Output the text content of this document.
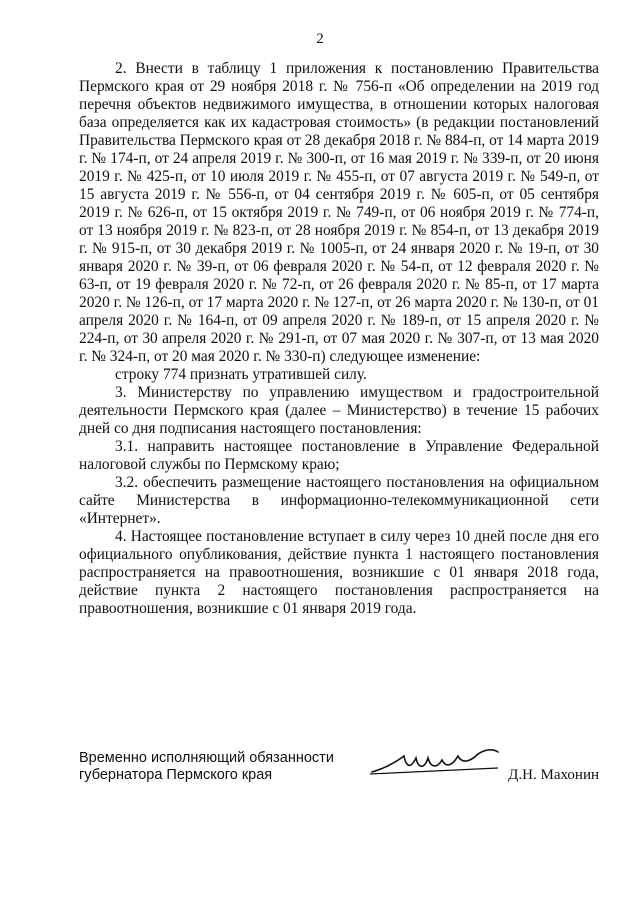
2

2. Внести в таблицу 1 приложения к постановлению Правительства Пермского края от 29 ноября 2018 г. № 756-п «Об определении на 2019 год перечня объектов недвижимого имущества, в отношении которых налоговая база определяется как их кадастровая стоимость» (в редакции постановлений Правительства Пермского края от 28 декабря 2018 г. № 884-п, от 14 марта 2019 г. № 174-п, от 24 апреля 2019 г. № 300-п, от 16 мая 2019 г. № 339-п, от 20 июня 2019 г. № 425-п, от 10 июля 2019 г. № 455-п, от 07 августа 2019 г. № 549-п, от 15 августа 2019 г. № 556-п, от 04 сентября 2019 г. № 605-п, от 05 сентября 2019 г. № 626-п, от 15 октября 2019 г. № 749-п, от 06 ноября 2019 г. № 774-п, от 13 ноября 2019 г. № 823-п, от 28 ноября 2019 г. № 854-п, от 13 декабря 2019 г. № 915-п, от 30 декабря 2019 г. № 1005-п, от 24 января 2020 г. № 19-п, от 30 января 2020 г. № 39-п, от 06 февраля 2020 г. № 54-п, от 12 февраля 2020 г. № 63-п, от 19 февраля 2020 г. № 72-п, от 26 февраля 2020 г. № 85-п, от 17 марта 2020 г. № 126-п, от 17 марта 2020 г. № 127-п, от 26 марта 2020 г. № 130-п, от 01 апреля 2020 г. № 164-п, от 09 апреля 2020 г. № 189-п, от 15 апреля 2020 г. № 224-п, от 30 апреля 2020 г. № 291-п, от 07 мая 2020 г. № 307-п, от 13 мая 2020 г. № 324-п, от 20 мая 2020 г. № 330-п) следующее изменение:

строку 774 признать утратившей силу.

3. Министерству по управлению имуществом и градостроительной деятельности Пермского края (далее – Министерство) в течение 15 рабочих дней со дня подписания настоящего постановления:

3.1. направить настоящее постановление в Управление Федеральной налоговой службы по Пермскому краю;

3.2. обеспечить размещение настоящего постановления на официальном сайте Министерства в информационно-телекоммуникационной сети «Интернет».

4. Настоящее постановление вступает в силу через 10 дней после дня его официального опубликования, действие пункта 1 настоящего постановления распространяется на правоотношения, возникшие с 01 января 2018 года, действие пункта 2 настоящего постановления распространяется на правоотношения, возникшие с 01 января 2019 года.

Временно исполняющий обязанности
губернатора Пермского края	Д.Н. Махонин
